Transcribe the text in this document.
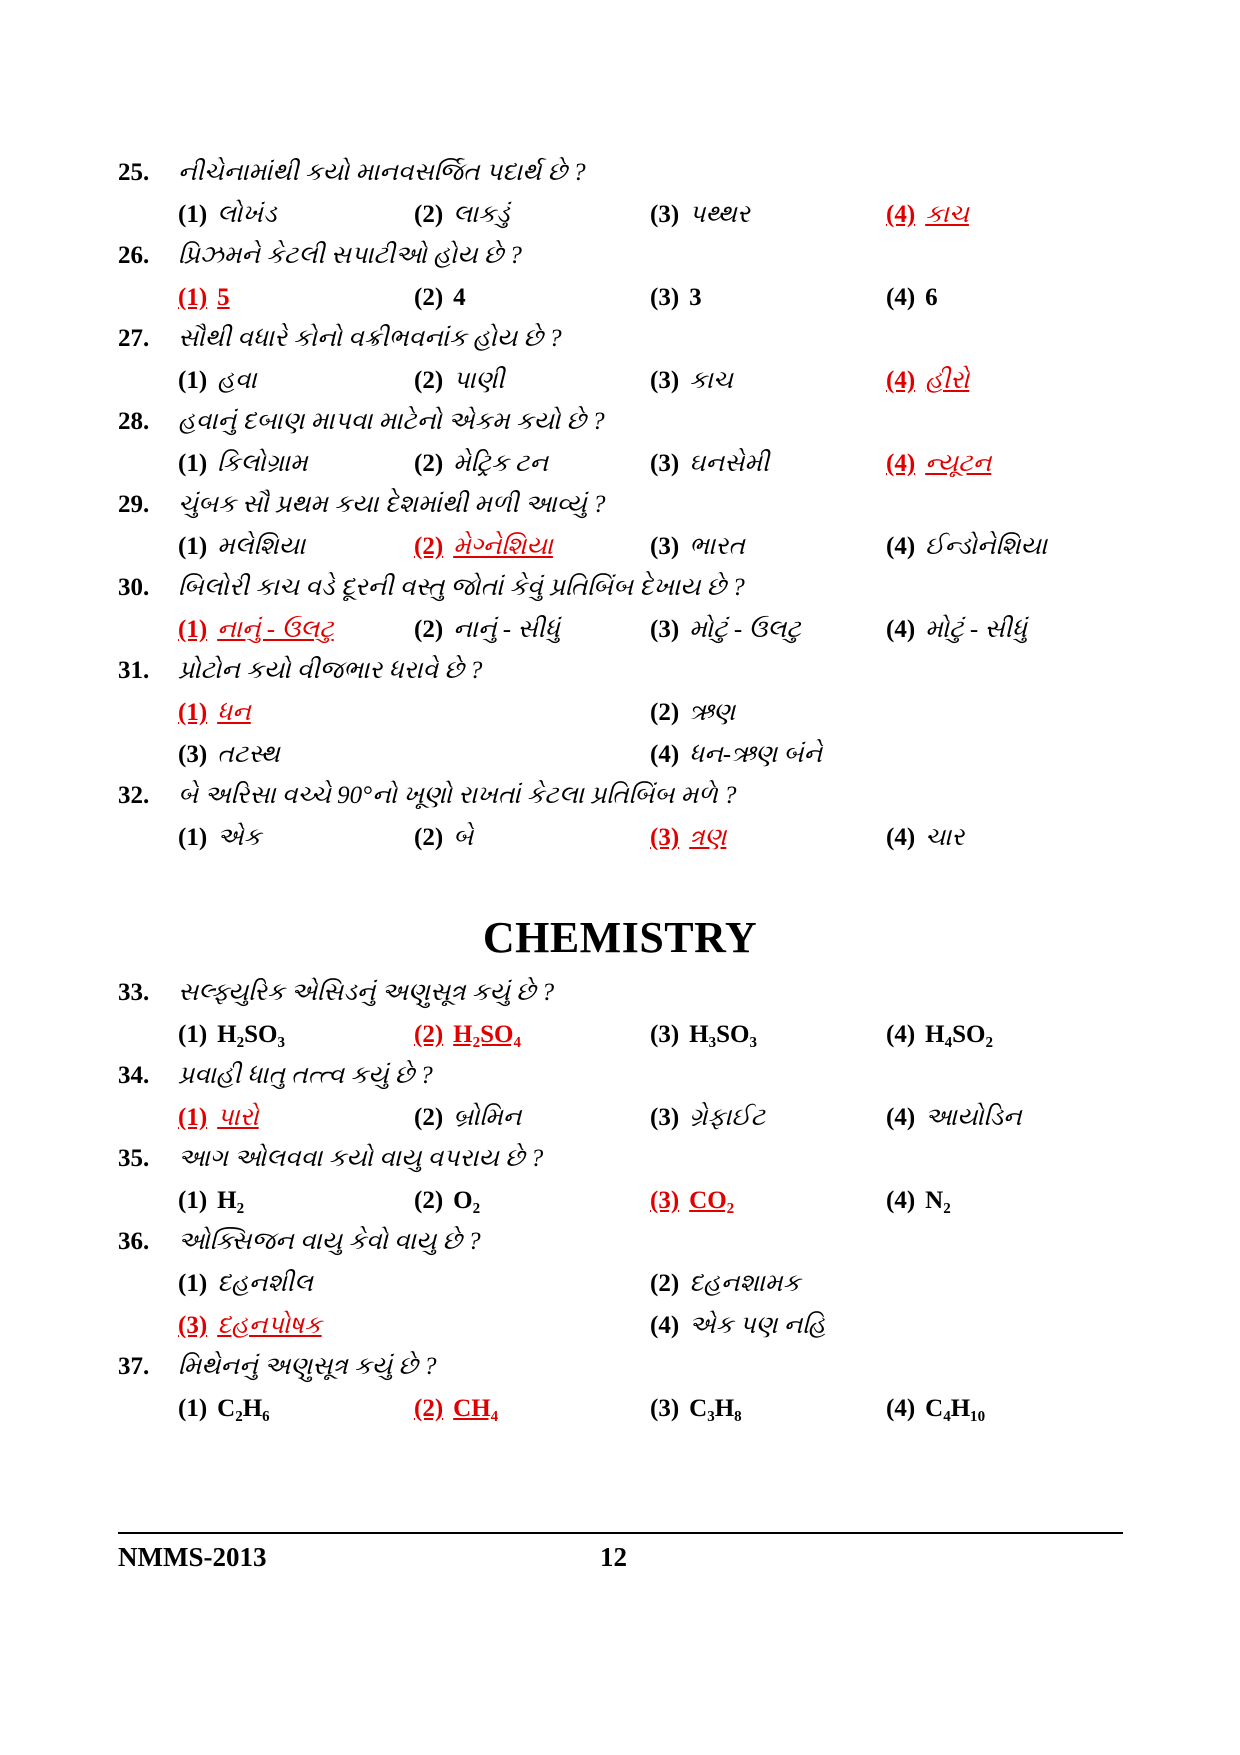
25. નીચેનામાંથી કયો માનવસર્જિત પદાર્થ છે ?
(1) લોખંડ	(2) લાકડું	(3) પથ્થર	(4) કાચ
26. પ્રિઝમને કેટલી સપાટીઓ હોય છે ?
(1) 5	(2) 4	(3) 3	(4) 6
27. સૌથી વધારે કોનો વક્રીભવનાંક હોય છે ?
(1) હવા	(2) પાણી	(3) કાચ	(4) હીરો
28. હવાનું દબાણ માપવા માટેનો એકમ કયો છે ?
(1) કિલોગ્રામ	(2) મેટ્રિક ટન	(3) ઘનસેમી	(4) ન્યૂટન
29. ચુંબક સૌ પ્રથમ કયા દેશમાંથી મળી આવ્યું ?
(1) મલેશિયા	(2) મેગ્નેશિયા	(3) ભારત	(4) ઈન્ડોનેશિયા
30. બિલોરી કાચ વડે દૂરની વસ્તુ જોતાં કેવું પ્રતિબિંબ દેખાય છે ?
(1) નાનું - ઉલટુ	(2) નાનું - સીધું	(3) મોટું - ઉલટુ	(4) મોટું - સીધું
31. પ્રોટોન કયો વીજભાર ધરાવે છે ?
(1) ધન	(2) ઋણ
(3) તટસ્થ	(4) ધન-ઋણ બંને
32. બે અરિસા વચ્ચે 90°નો ખૂણો રાખતાં કેટલા પ્રતિબિંબ મળે ?
(1) એક	(2) બે	(3) ત્રણ	(4) ચાર
CHEMISTRY
33. સલ્ફ્યુરિક એસિડનું અણુસૂત્ર કયું છે ?
(1) H₂SO₃	(2) H₂SO₄	(3) H₃SO₃	(4) H₄SO₂
34. પ્રવાહી ધાતુ તત્ત્વ કયું છે ?
(1) પારો	(2) બ્રોમિન	(3) ગ્રેફાઈટ	(4) આયોડિન
35. આગ ઓલવવા કયો વાયુ વપરાય છે ?
(1) H₂	(2) O₂	(3) CO₂	(4) N₂
36. ઓક્સિજન વાયુ કેવો વાયુ છે ?
(1) દહનશીલ	(2) દહનશામક
(3) દહનપોષક	(4) એક પણ નહિ
37. મિથેનનું અણુસૂત્ર કયું છે ?
(1) C₂H₆	(2) CH₄	(3) C₃H₈	(4) C₄H₁₀
NMMS-2013	12
